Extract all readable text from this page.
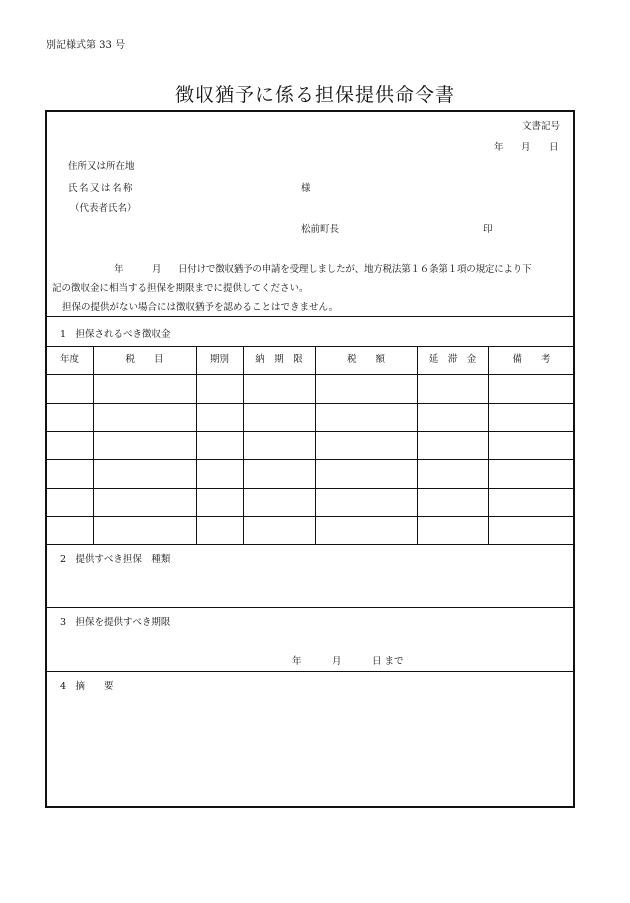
別記様式第 33 号
徴収猶予に係る担保提供命令書
文書記号
年 月 日
住所又は所在地
氏名又は名称	様
（代表者氏名）
松前町長	印
年	月 日付けで徴収猶予の申請を受理しましたが、地方税法第１６条第１項の規定により下
記の徴収金に相当する担保を期限までに提供してください。
担保の提供がない場合には徴収猶予を認めることはできません。
1　担保されるべき徴収金
年度	税　　目	期別	納　期　限	税　　額	延　滞　金	備　　考
2　提供すべき担保　種類
3　担保を提供すべき期限
年	月	日 まで
4　摘　　要
